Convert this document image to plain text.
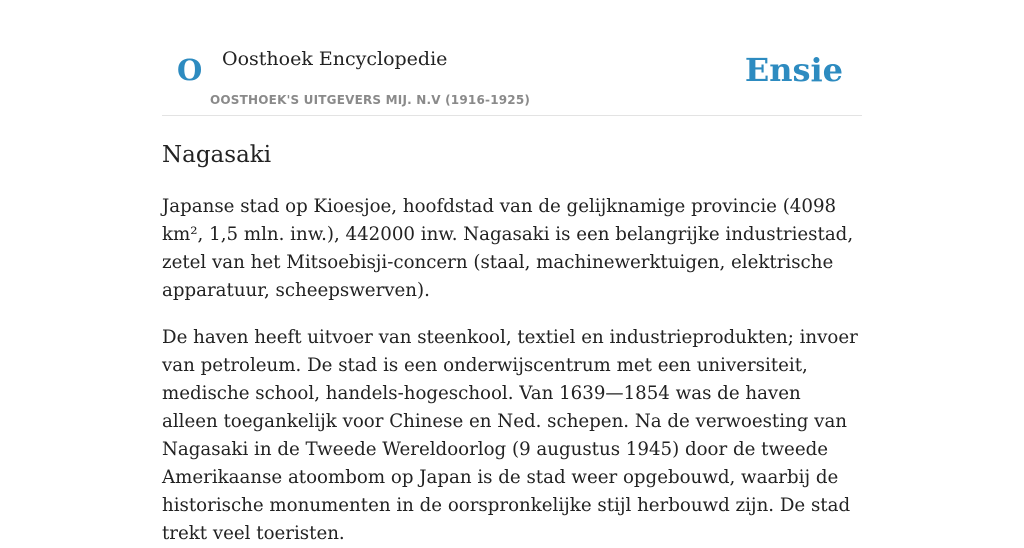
O Oosthoek Encyclopedie
OOSTHOEK'S UITGEVERS MIJ. N.V (1916-1925)
Ensie
Nagasaki

Japanse stad op Kioesjoe, hoofdstad van de gelijknamige provincie (4098 km², 1,5 mln. inw.), 442000 inw. Nagasaki is een belangrijke industriestad, zetel van het Mitsoebisji-concern (staal, machinewerktuigen, elektrische apparatuur, scheepswerven).

De haven heeft uitvoer van steenkool, textiel en industrieprodukten; invoer van petroleum. De stad is een onderwijscentrum met een universiteit, medische school, handels-hogeschool. Van 1639—1854 was de haven alleen toegankelijk voor Chinese en Ned. schepen. Na de verwoesting van Nagasaki in de Tweede Wereldoorlog (9 augustus 1945) door de tweede Amerikaanse atoombom op Japan is de stad weer opgebouwd, waarbij de historische monumenten in de oorspronkelijke stijl herbouwd zijn. De stad trekt veel toeristen.
